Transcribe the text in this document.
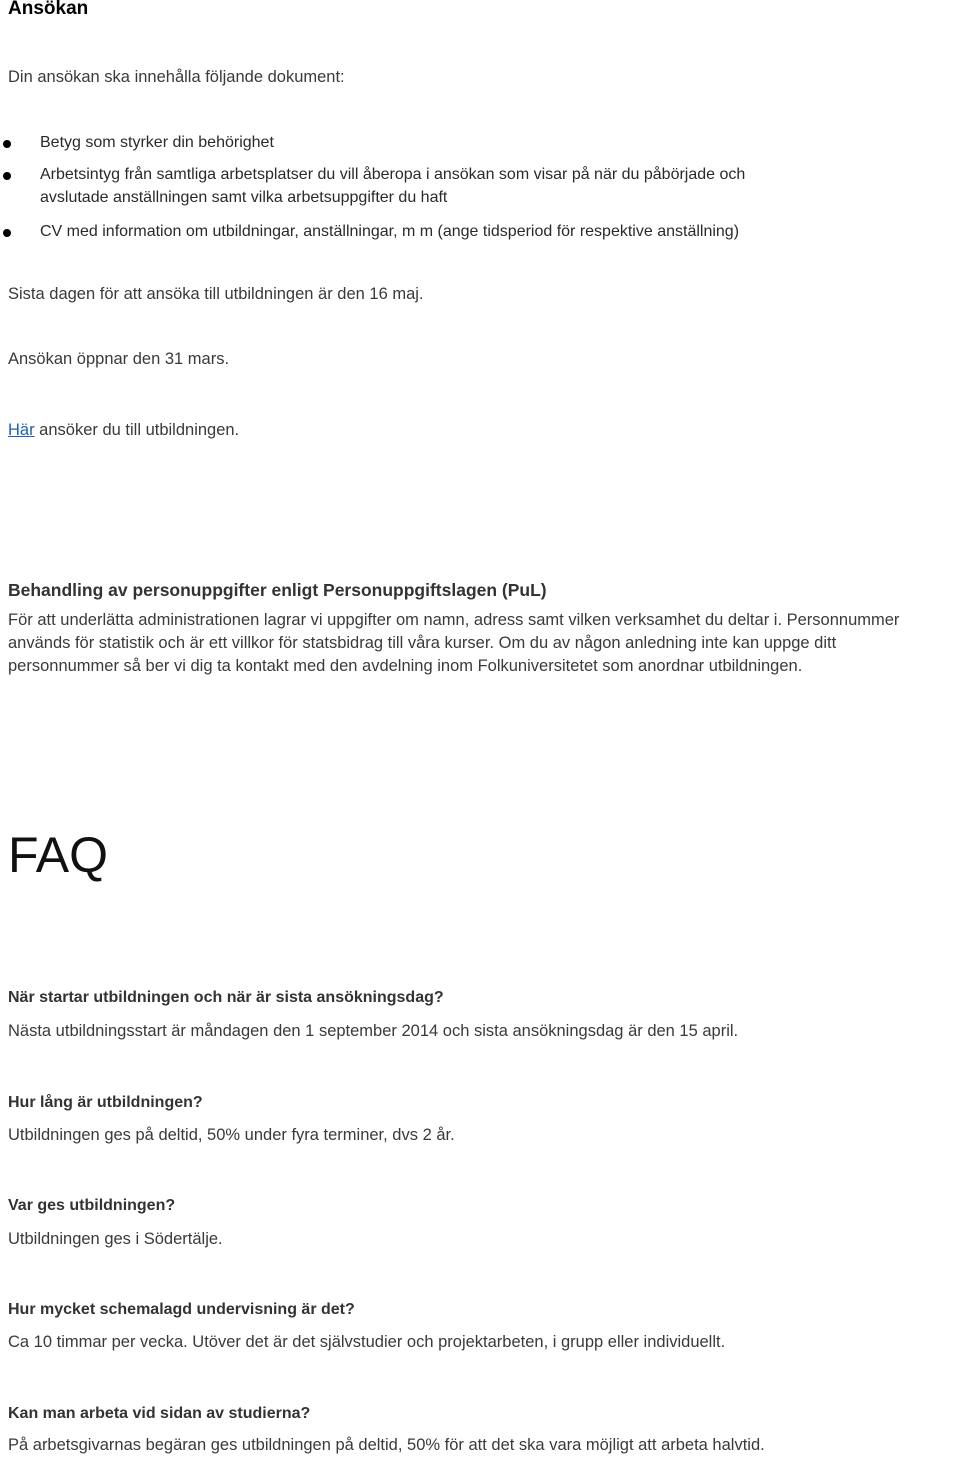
Ansökan
Din ansökan ska innehålla följande dokument:
Betyg som styrker din behörighet
Arbetsintyg från samtliga arbetsplatser du vill åberopa i ansökan som visar på när du påbörjade och
avslutade anställningen samt vilka arbetsuppgifter du haft
CV med information om utbildningar, anställningar, m m (ange tidsperiod för respektive anställning)
Sista dagen för att ansöka till utbildningen är den 16 maj.
Ansökan öppnar den 31 mars.
Här ansöker du till utbildningen.
Behandling av personuppgifter enligt Personuppgiftslagen (PuL)
För att underlätta administrationen lagrar vi uppgifter om namn, adress samt vilken verksamhet du deltar i. Personnummer
används för statistik och är ett villkor för statsbidrag till våra kurser. Om du av någon anledning inte kan uppge ditt
personnummer så ber vi dig ta kontakt med den avdelning inom Folkuniversitetet som anordnar utbildningen.
FAQ
När startar utbildningen och när är sista ansökningsdag?
Nästa utbildningsstart är måndagen den 1 september 2014 och sista ansökningsdag är den 15 april.
Hur lång är utbildningen?
Utbildningen ges på deltid, 50% under fyra terminer, dvs 2 år.
Var ges utbildningen?
Utbildningen ges i Södertälje.
Hur mycket schemalagd undervisning är det?
Ca 10 timmar per vecka. Utöver det är det självstudier och projektarbeten, i grupp eller individuellt.
Kan man arbeta vid sidan av studierna?
På arbetsgivarnas begäran ges utbildningen på deltid, 50% för att det ska vara möjligt att arbeta halvtid.
